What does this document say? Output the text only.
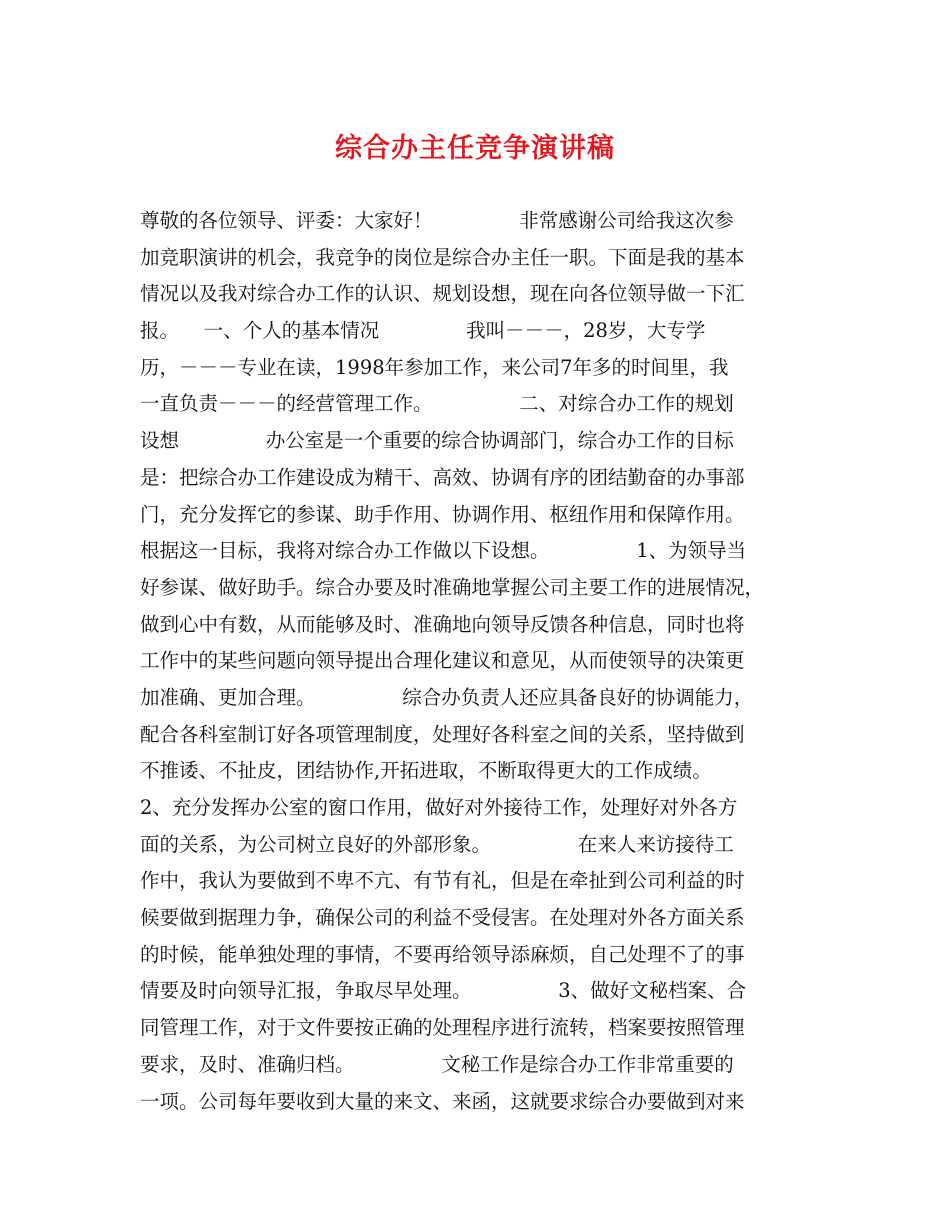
综合办主任竞争演讲稿
尊敬的各位领导、评委：大家好！              非常感谢公司给我这次参
加竞职演讲的机会，我竞争的岗位是综合办主任一职。下面是我的基本
情况以及我对综合办工作的认识、规划设想，现在向各位领导做一下汇
报。    一、个人的基本情况              我叫－－－，28岁，大专学
历，－－－专业在读，1998年参加工作，来公司7年多的时间里，我
一直负责－－－的经营管理工作。              二、对综合办工作的规划
设想              办公室是一个重要的综合协调部门，综合办工作的目标
是：把综合办工作建设成为精干、高效、协调有序的团结勤奋的办事部
门，充分发挥它的参谋、助手作用、协调作用、枢纽作用和保障作用。
根据这一目标，我将对综合办工作做以下设想。              1、为领导当
好参谋、做好助手。综合办要及时准确地掌握公司主要工作的进展情况，
做到心中有数，从而能够及时、准确地向领导反馈各种信息，同时也将
工作中的某些问题向领导提出合理化建议和意见，从而使领导的决策更
加准确、更加合理。              综合办负责人还应具备良好的协调能力，
配合各科室制订好各项管理制度，处理好各科室之间的关系，坚持做到
不推诿、不扯皮，团结协作,开拓进取，不断取得更大的工作成绩。
2、充分发挥办公室的窗口作用，做好对外接待工作，处理好对外各方
面的关系，为公司树立良好的外部形象。              在来人来访接待工
作中，我认为要做到不卑不亢、有节有礼，但是在牵扯到公司利益的时
候要做到据理力争，确保公司的利益不受侵害。在处理对外各方面关系
的时候，能单独处理的事情，不要再给领导添麻烦，自己处理不了的事
情要及时向领导汇报，争取尽早处理。              3、做好文秘档案、合
同管理工作，对于文件要按正确的处理程序进行流转，档案要按照管理
要求，及时、准确归档。              文秘工作是综合办工作非常重要的
一项。公司每年要收到大量的来文、来函，这就要求综合办要做到对来
